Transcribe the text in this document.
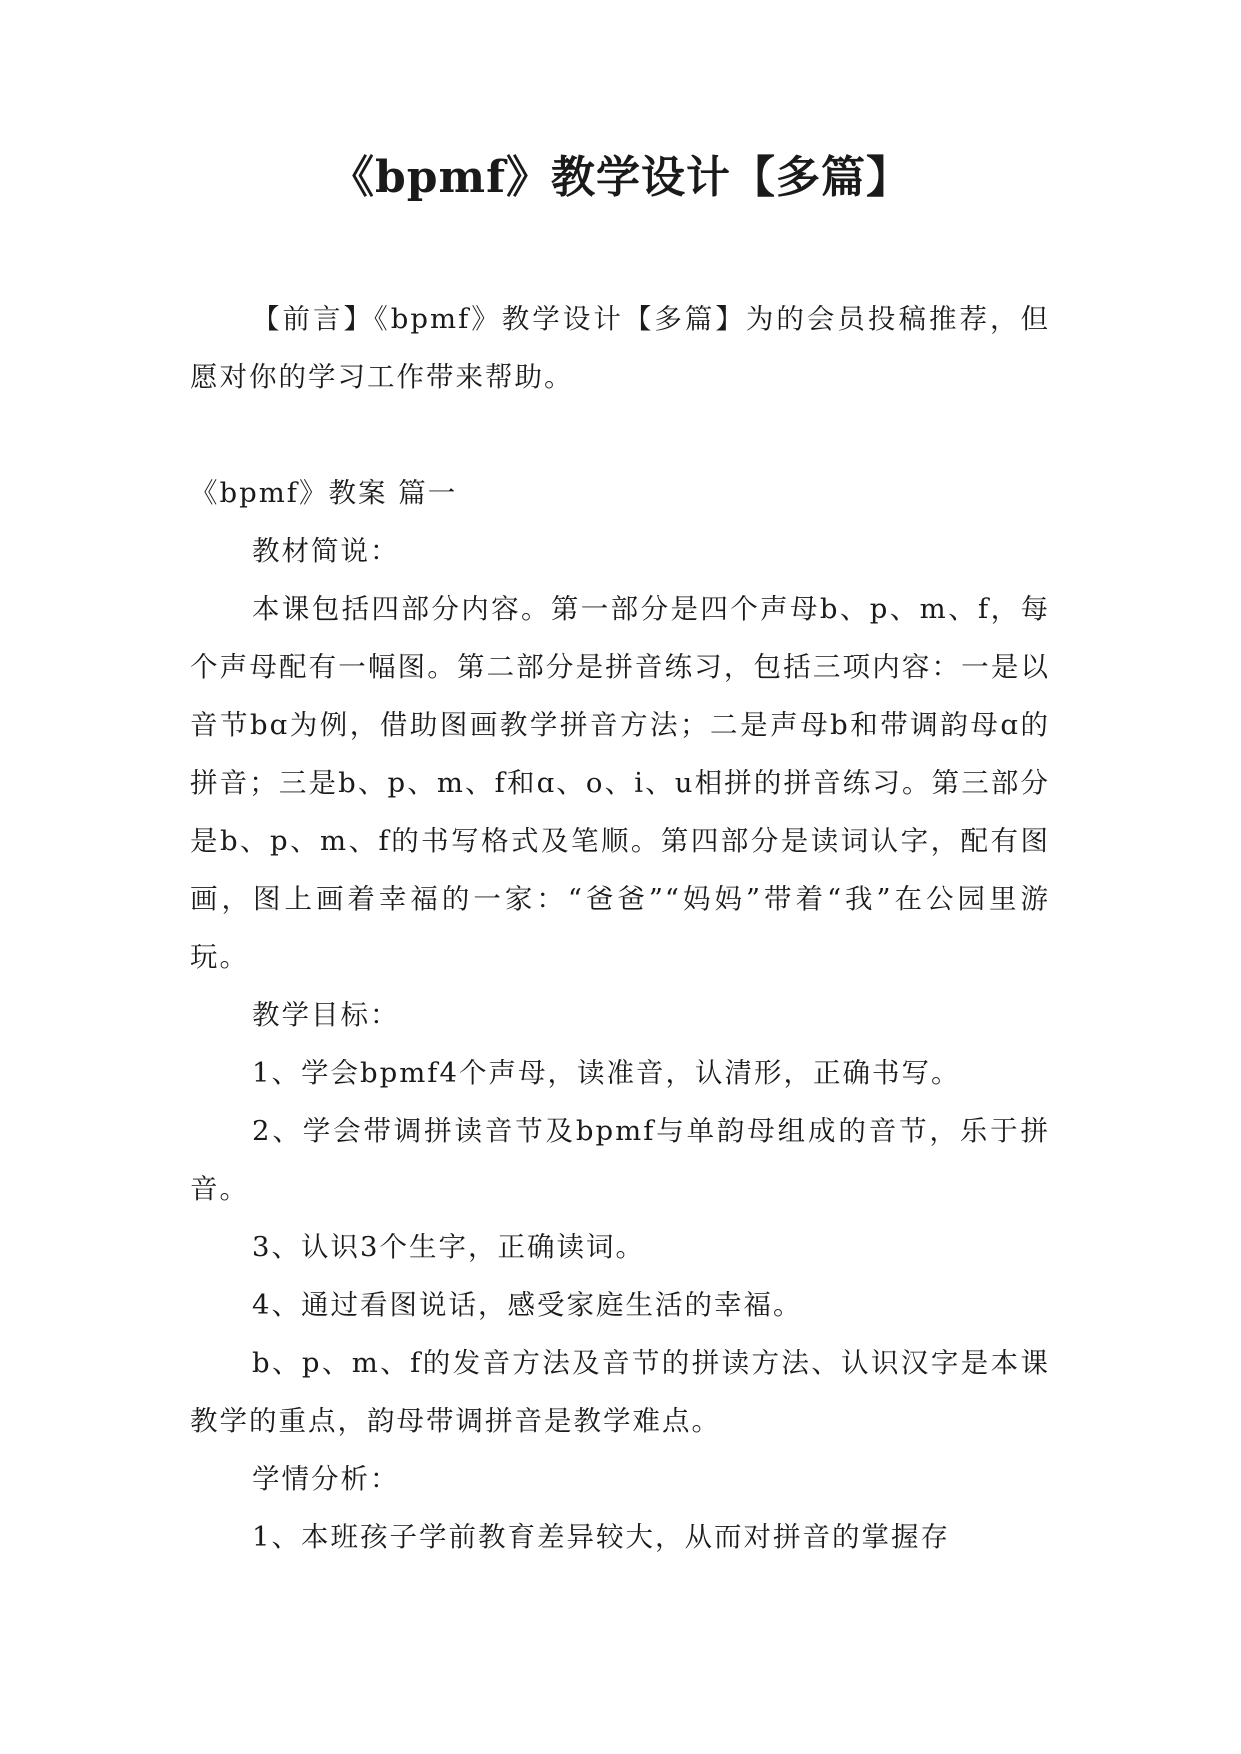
《bpmf》教学设计【多篇】

【前言】《bpmf》教学设计【多篇】为的会员投稿推荐，但愿对你的学习工作带来帮助。

《bpmf》教案 篇一

教材简说：

本课包括四部分内容。第一部分是四个声母b、p、m、f，每个声母配有一幅图。第二部分是拼音练习，包括三项内容：一是以音节bɑ为例，借助图画教学拼音方法；二是声母b和带调韵母ɑ的拼音；三是b、p、m、f和ɑ、o、i、u相拼的拼音练习。第三部分是b、p、m、f的书写格式及笔顺。第四部分是读词认字，配有图画，图上画着幸福的一家：“爸爸”“妈妈”带着“我”在公园里游玩。

教学目标：

1、学会bpmf4个声母，读准音，认清形，正确书写。

2、学会带调拼读音节及bpmf与单韵母组成的音节，乐于拼音。

3、认识3个生字，正确读词。

4、通过看图说话，感受家庭生活的幸福。

b、p、m、f的发音方法及音节的拼读方法、认识汉字是本课教学的重点，韵母带调拼音是教学难点。

学情分析：

1、本班孩子学前教育差异较大，从而对拼音的掌握存
